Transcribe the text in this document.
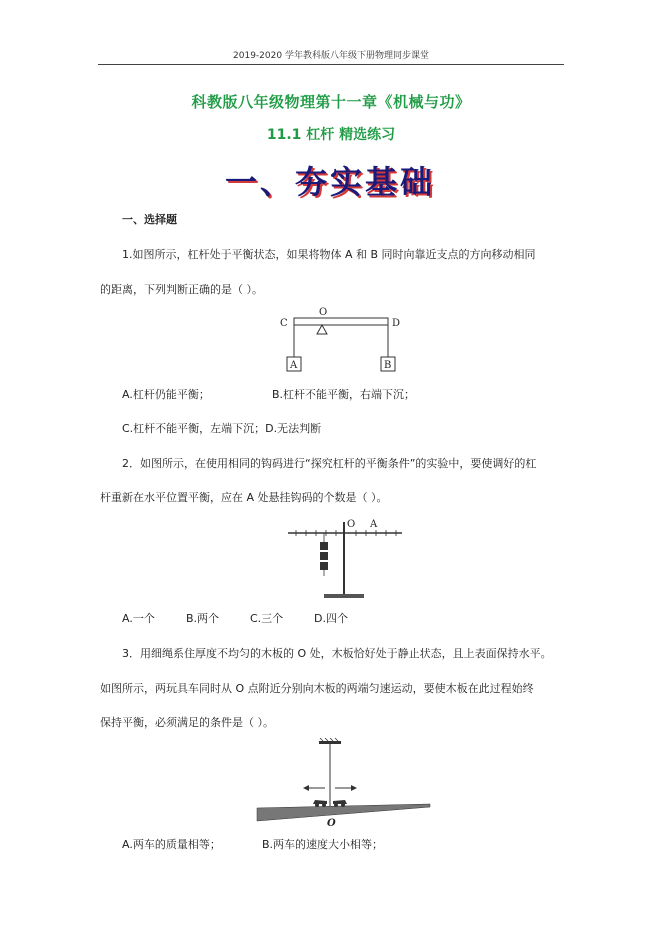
2019-2020 学年教科版八年级下册物理同步课堂
科教版八年级物理第十一章《机械与功》
11.1 杠杆 精选练习
一、夯实基础
一、选择题
1.如图所示，杠杆处于平衡状态，如果将物体 A 和 B 同时向靠近支点的方向移动相同
的距离，下列判断正确的是（ ）。
O
C	D
A	B
A.杠杆仍能平衡；	B.杠杆不能平衡，右端下沉；
C.杠杆不能平衡，左端下沉；D.无法判断
2．如图所示，在使用相同的钩码进行“探究杠杆的平衡条件”的实验中，要使调好的杠
杆重新在水平位置平衡，应在 A 处悬挂钩码的个数是（ ）。
O A
A.一个	B.两个	C.三个	D.四个
3．用细绳系住厚度不均匀的木板的 O 处，木板恰好处于静止状态，且上表面保持水平。
如图所示，两玩具车同时从 O 点附近分别向木板的两端匀速运动，要使木板在此过程始终
保持平衡，必须满足的条件是（ ）。
O
A.两车的质量相等；	B.两车的速度大小相等；
